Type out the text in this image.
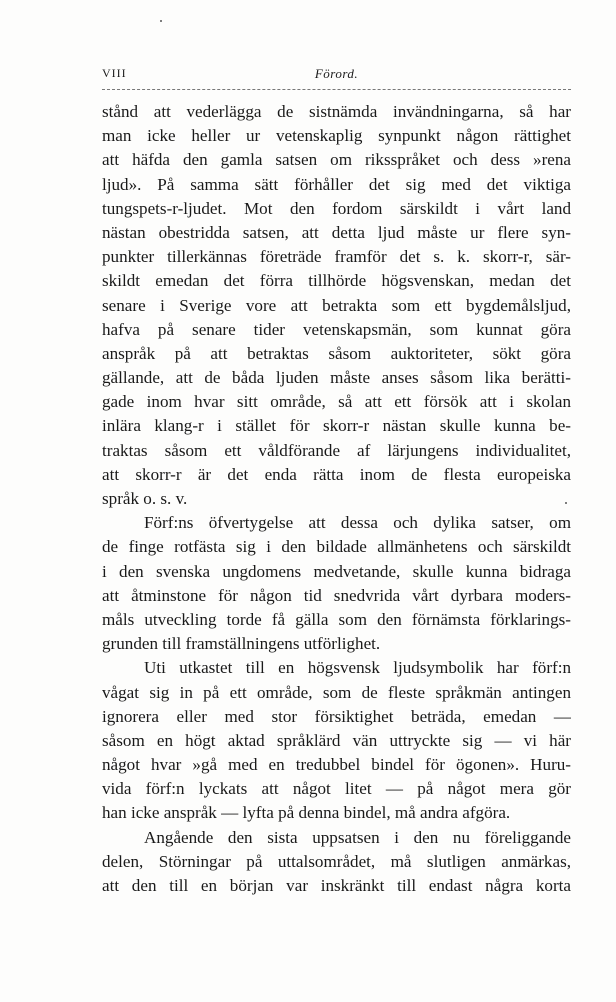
VIII	Förord.
stånd att vederlägga de sistnämda invändningarna, så har
man icke heller ur vetenskaplig synpunkt någon rättighet
att häfda den gamla satsen om riksspråket och dess »rena
ljud». På samma sätt förhåller det sig med det viktiga
tungspets-r-ljudet. Mot den fordom särskildt i vårt land
nästan obestridda satsen, att detta ljud måste ur flere syn-
punkter tillerkännas företräde framför det s. k. skorr-r, sär-
skildt emedan det förra tillhörde högsvenskan, medan det
senare i Sverige vore att betrakta som ett bygdemålsljud,
hafva på senare tider vetenskapsmän, som kunnat göra
anspråk på att betraktas såsom auktoriteter, sökt göra
gällande, att de båda ljuden måste anses såsom lika berätti-
gade inom hvar sitt område, så att ett försök att i skolan
inlära klang-r i stället för skorr-r nästan skulle kunna be-
traktas såsom ett våldförande af lärjungens individualitet,
att skorr-r är det enda rätta inom de flesta europeiska
språk o. s. v.
Förf:ns öfvertygelse att dessa och dylika satser, om
de finge rotfästa sig i den bildade allmänhetens och särskildt
i den svenska ungdomens medvetande, skulle kunna bidraga
att åtminstone för någon tid snedvrida vårt dyrbara moders-
måls utveckling torde få gälla som den förnämsta förklarings-
grunden till framställningens utförlighet.
Uti utkastet till en högsvensk ljudsymbolik har förf:n
vågat sig in på ett område, som de fleste språkmän antingen
ignorera eller med stor försiktighet beträda, emedan —
såsom en högt aktad språklärd vän uttryckte sig — vi här
något hvar »gå med en tredubbel bindel för ögonen». Huru-
vida förf:n lyckats att något litet — på något mera gör
han icke anspråk — lyfta på denna bindel, må andra afgöra.
Angående den sista uppsatsen i den nu föreliggande
delen, Störningar på uttalsområdet, må slutligen anmärkas,
att den till en början var inskränkt till endast några korta
